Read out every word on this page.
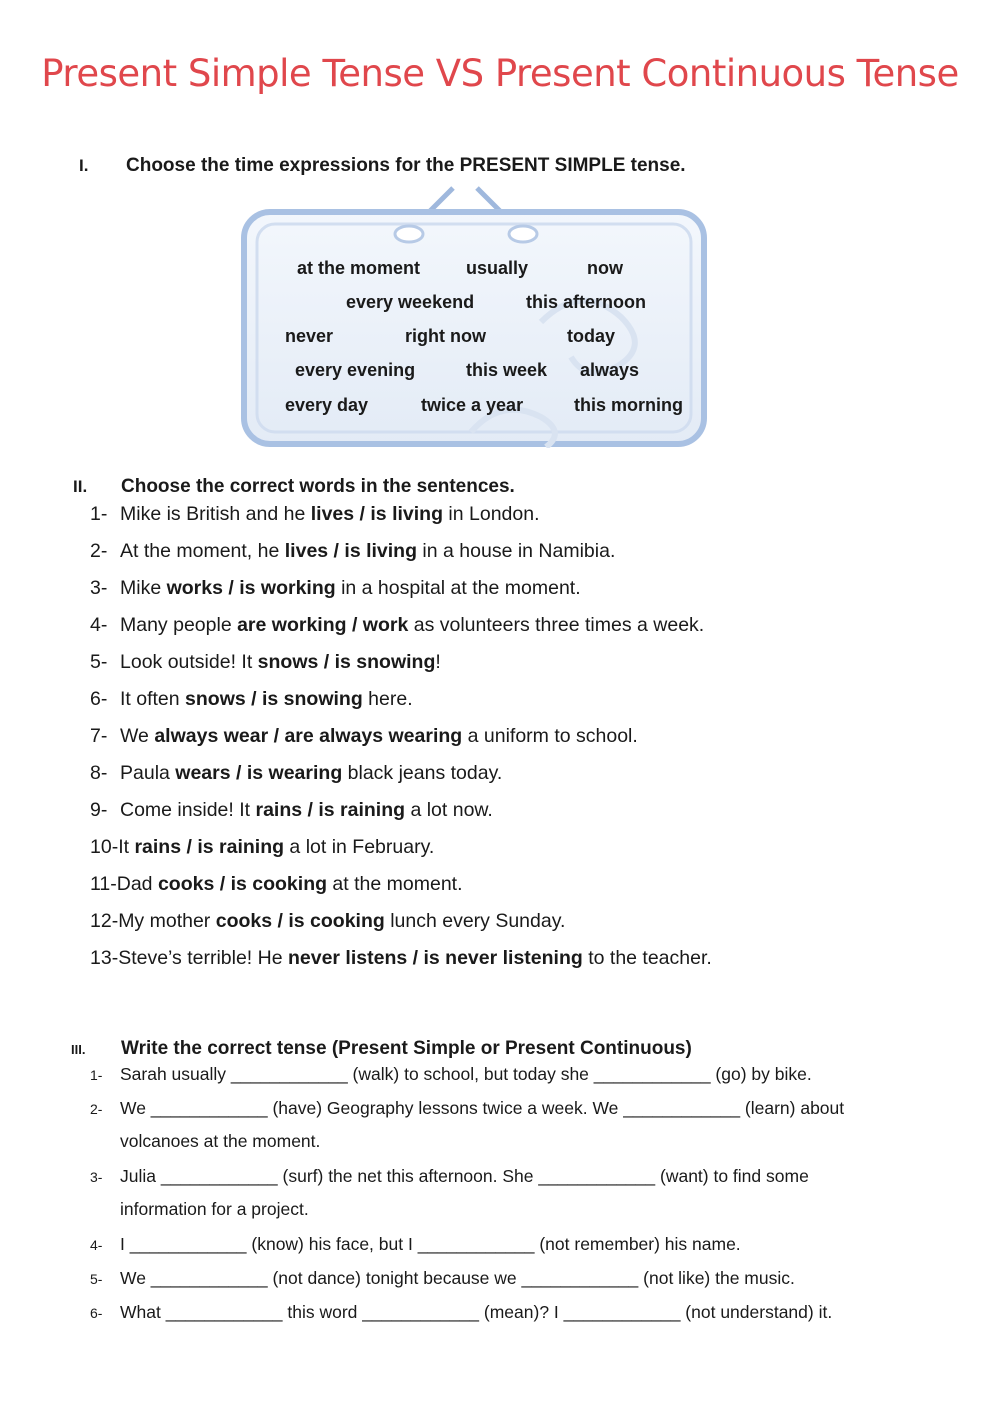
Present Simple Tense VS Present Continuous Tense
I. Choose the time expressions for the PRESENT SIMPLE tense.
at the moment	usually	now
every weekend	this afternoon
never	right now	today
every evening	this week always
every day	twice a year	this morning
II. Choose the correct words in the sentences.
1- Mike is British and he lives / is living in London.
2- At the moment, he lives / is living in a house in Namibia.
3- Mike works / is working in a hospital at the moment.
4- Many people are working / work as volunteers three times a week.
5- Look outside! It snows / is snowing!
6- It often snows / is snowing here.
7- We always wear / are always wearing a uniform to school.
8- Paula wears / is wearing black jeans today.
9- Come inside! It rains / is raining a lot now.
10-It rains / is raining a lot in February.
11-Dad cooks / is cooking at the moment.
12-My mother cooks / is cooking lunch every Sunday.
13-Steve’s terrible! He never listens / is never listening to the teacher.
III. Write the correct tense (Present Simple or Present Continuous)
1- Sarah usually ____________ (walk) to school, but today she ____________ (go) by bike.
2- We ____________ (have) Geography lessons twice a week. We ____________ (learn) about
volcanoes at the moment.
3- Julia ____________ (surf) the net this afternoon. She ____________ (want) to find some
information for a project.
4- I ____________ (know) his face, but I ____________ (not remember) his name.
5- We ____________ (not dance) tonight because we ____________ (not like) the music.
6- What ____________ this word ____________ (mean)? I ____________ (not understand) it.
